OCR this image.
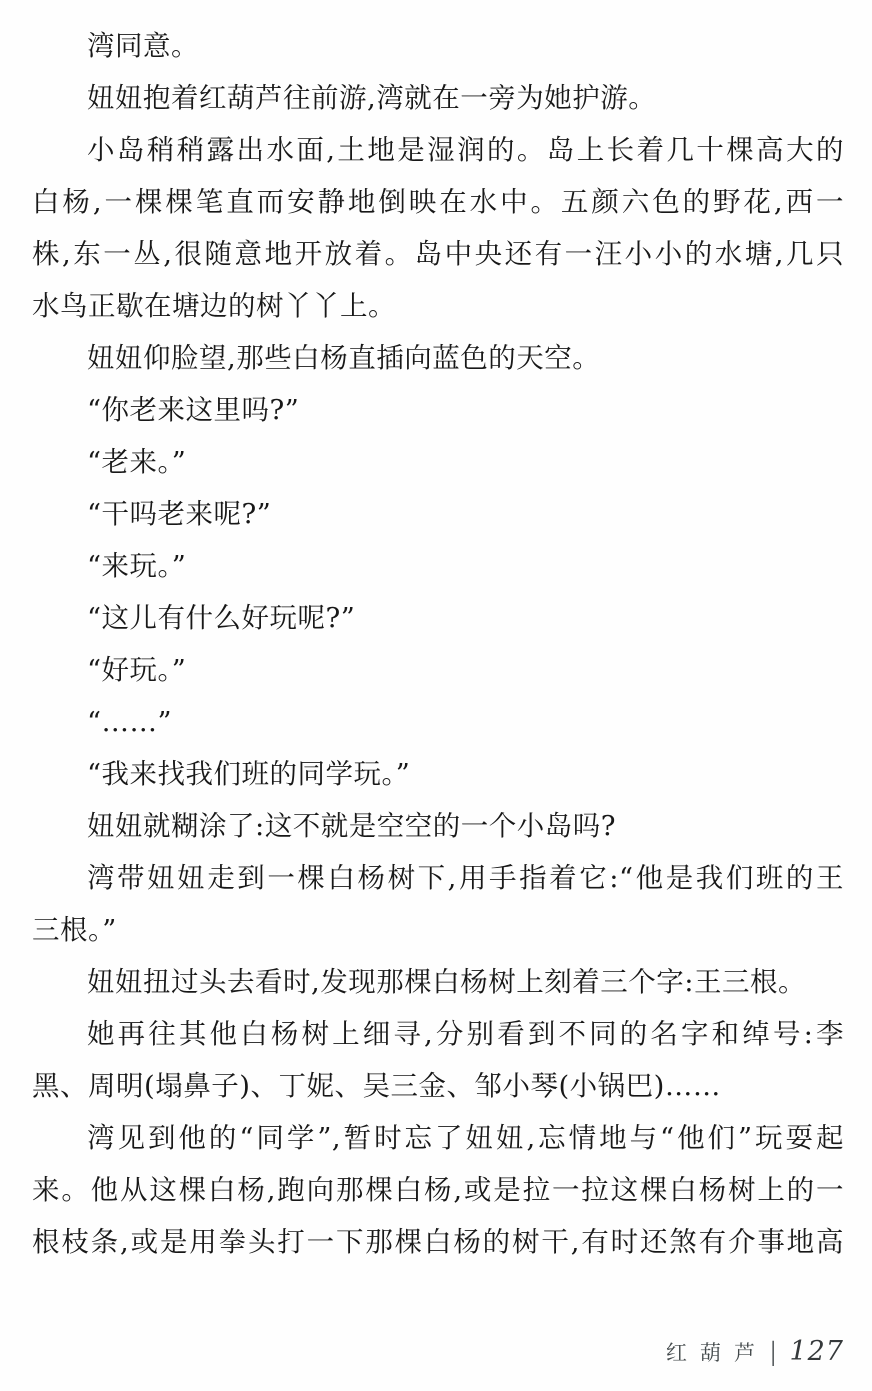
湾同意。
妞妞抱着红葫芦往前游,湾就在一旁为她护游。
小岛稍稍露出水面,土地是湿润的。岛上长着几十棵高大的
白杨,一棵棵笔直而安静地倒映在水中。五颜六色的野花,西一
株,东一丛,很随意地开放着。岛中央还有一汪小小的水塘,几只
水鸟正歇在塘边的树丫丫上。
妞妞仰脸望,那些白杨直插向蓝色的天空。
“你老来这里吗?”
“老来。”
“干吗老来呢?”
“来玩。”
“这儿有什么好玩呢?”
“好玩。”
“……”
“我来找我们班的同学玩。”
妞妞就糊涂了:这不就是空空的一个小岛吗?
湾带妞妞走到一棵白杨树下,用手指着它:“他是我们班的王
三根。”
妞妞扭过头去看时,发现那棵白杨树上刻着三个字:王三根。
她再往其他白杨树上细寻,分别看到不同的名字和绰号:李
黑、周明(塌鼻子)、丁妮、吴三金、邹小琴(小锅巴)……
湾见到他的“同学”,暂时忘了妞妞,忘情地与“他们”玩耍起
来。他从这棵白杨,跑向那棵白杨,或是拉一拉这棵白杨树上的一
根枝条,或是用拳头打一下那棵白杨的树干,有时还煞有介事地高
红葫芦 | 127
